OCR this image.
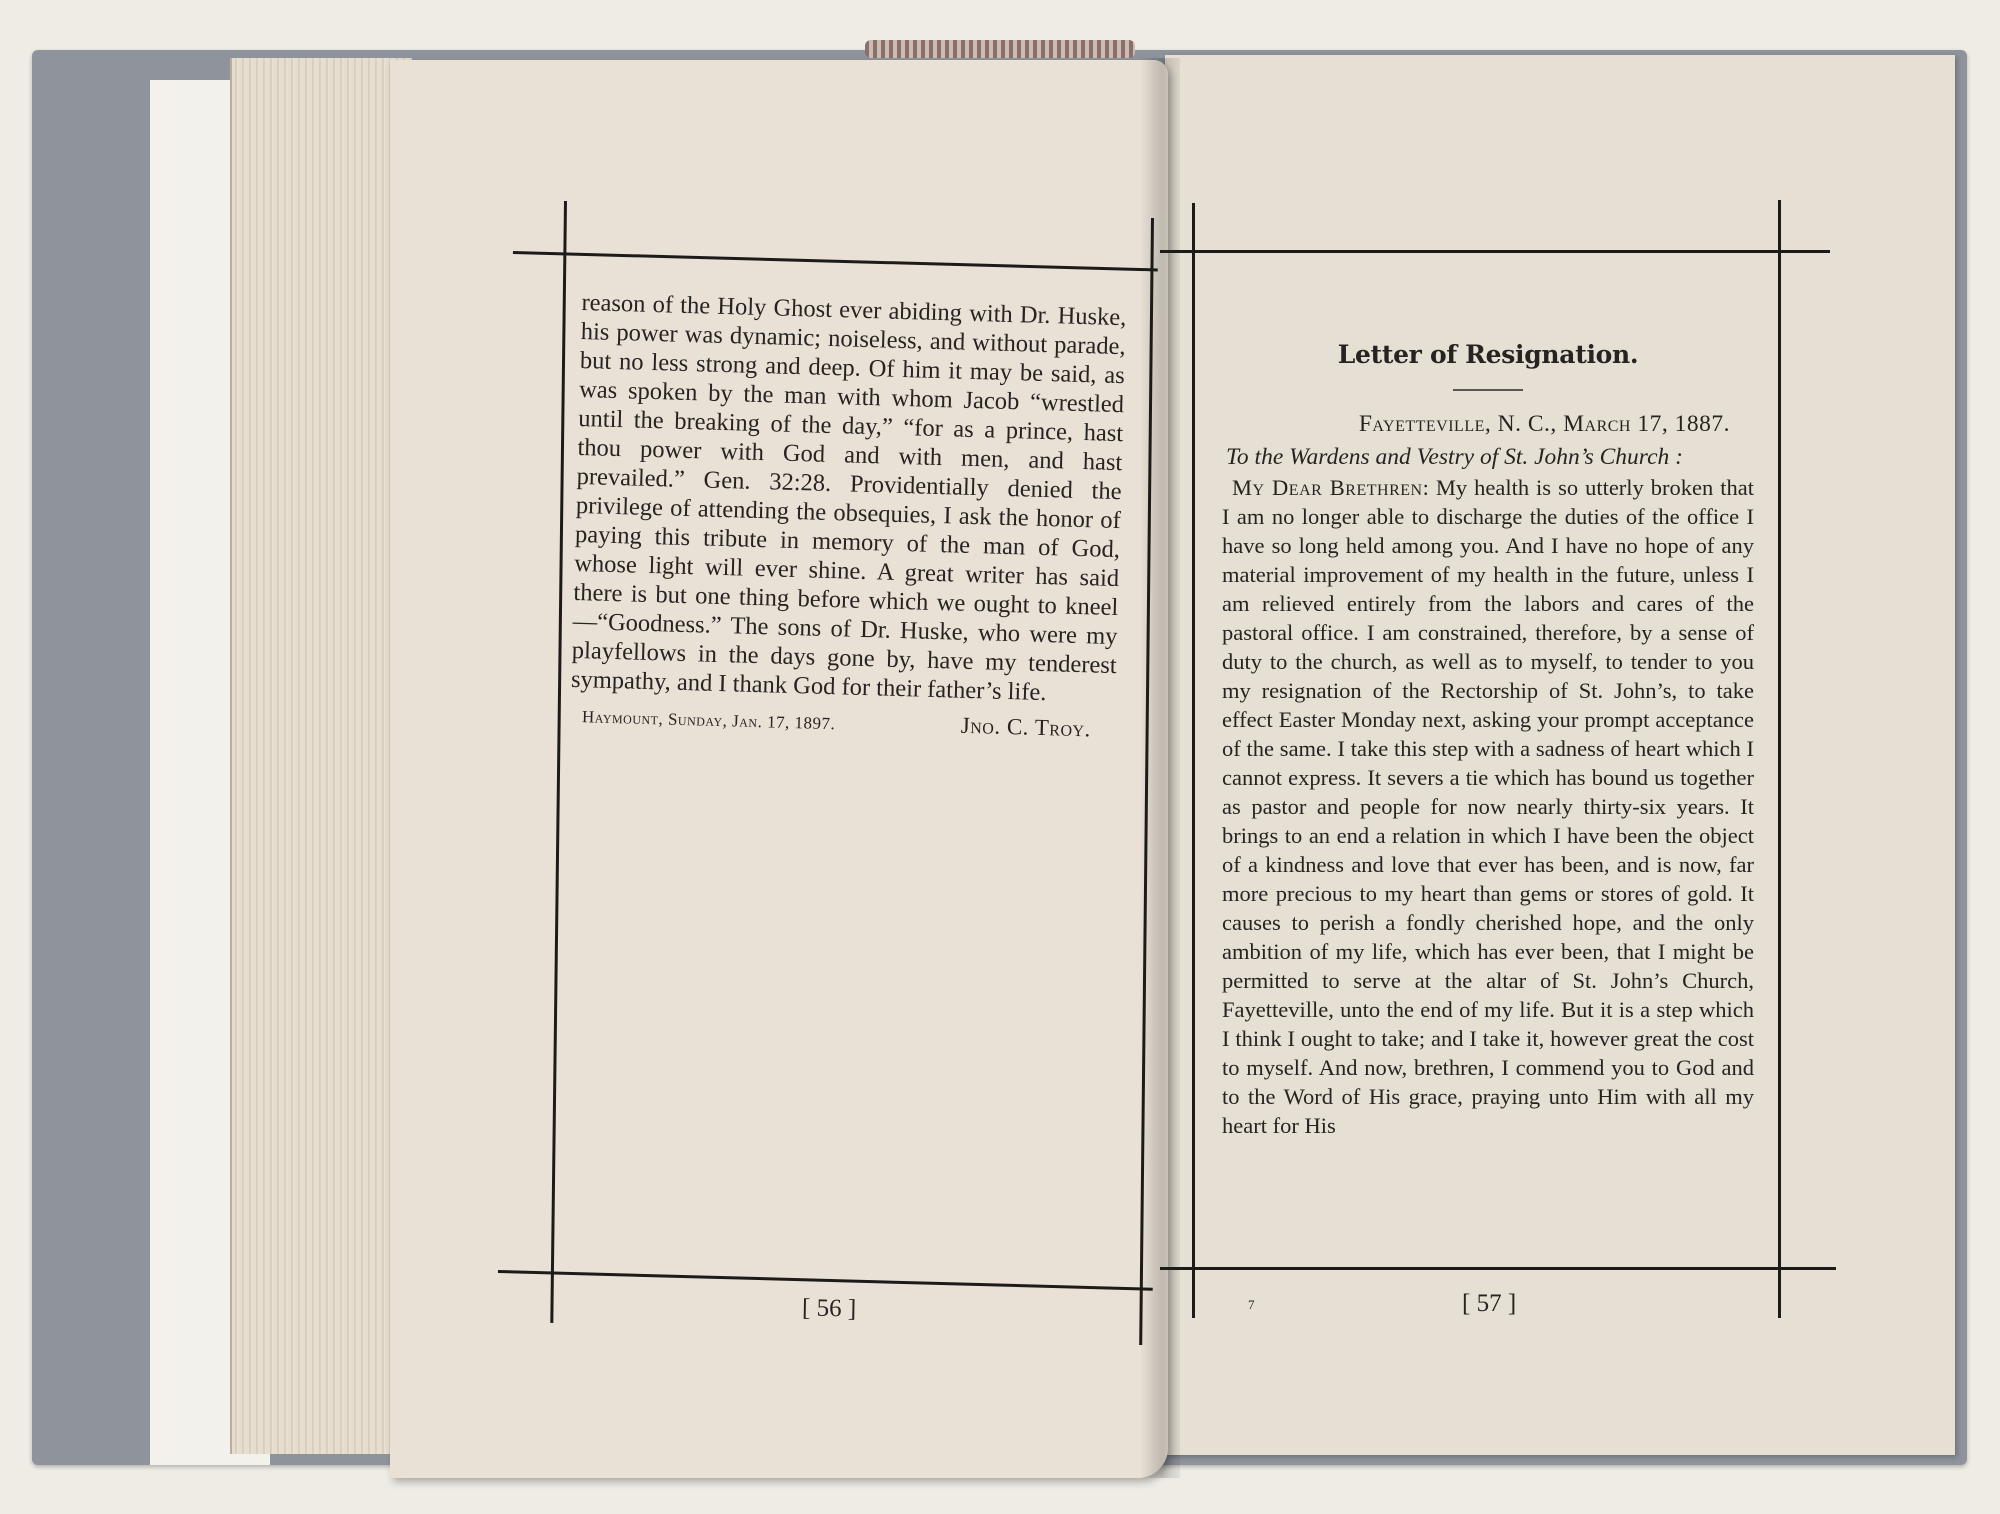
reason of the Holy Ghost ever abiding with Dr. Huske, his power was dynamic; noiseless, and without parade, but no less strong and deep. Of him it may be said, as was spoken by the man with whom Jacob “wrestled until the breaking of the day,” “for as a prince, hast thou power with God and with men, and hast prevailed.” Gen. 32:28. Providentially denied the privilege of attending the obsequies, I ask the honor of paying this tribute in memory of the man of God, whose light will ever shine. A great writer has said there is but one thing before which we ought to kneel—“Goodness.” The sons of Dr. Huske, who were my playfellows in the days gone by, have my tenderest sympathy, and I thank God for their father’s life.

Haymount, Sunday, Jan. 17, 1897.	Jno. C. Troy.
[ 56 ]
Letter of Resignation.
Fayetteville, N. C., March 17, 1887.
To the Wardens and Vestry of St. John’s Church :
My Dear Brethren: My health is so utterly broken that I am no longer able to discharge the duties of the office I have so long held among you. And I have no hope of any material improvement of my health in the future, unless I am relieved entirely from the labors and cares of the pastoral office. I am constrained, therefore, by a sense of duty to the church, as well as to myself, to tender to you my resignation of the Rectorship of St. John’s, to take effect Easter Monday next, asking your prompt acceptance of the same. I take this step with a sadness of heart which I cannot express. It severs a tie which has bound us together as pastor and people for now nearly thirty-six years. It brings to an end a relation in which I have been the object of a kindness and love that ever has been, and is now, far more precious to my heart than gems or stores of gold. It causes to perish a fondly cherished hope, and the only ambition of my life, which has ever been, that I might be permitted to serve at the altar of St. John’s Church, Fayetteville, unto the end of my life. But it is a step which I think I ought to take; and I take it, however great the cost to myself. And now, brethren, I commend you to God and to the Word of His grace, praying unto Him with all my heart for His
7	[ 57 ]
